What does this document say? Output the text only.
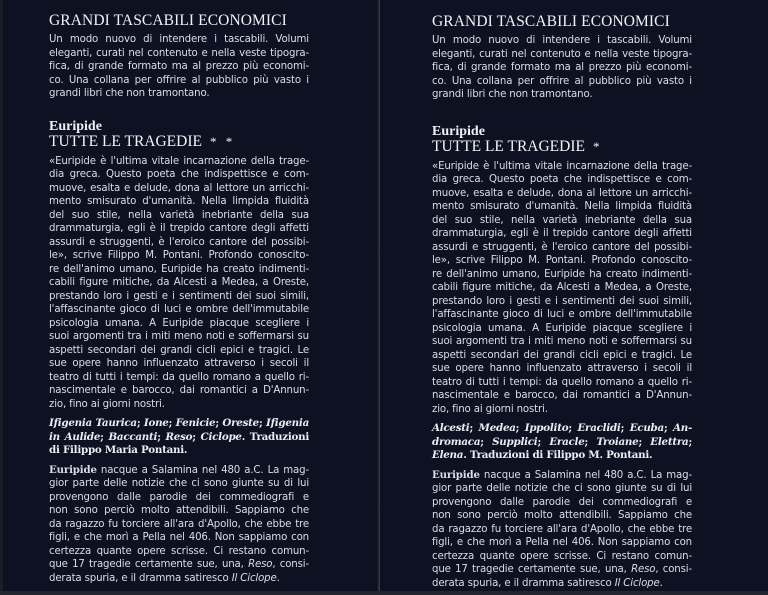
GRANDI TASCABILI ECONOMICI

Un modo nuovo di intendere i tascabili. Volumi
eleganti, curati nel contenuto e nella veste tipogra-
fica, di grande formato ma al prezzo più economi-
co. Una collana per offrire al pubblico più vasto i
grandi libri che non tramontano.

Euripide
TUTTE LE TRAGEDIE * *

«Euripide è l'ultima vitale incarnazione della trage-
dia greca. Questo poeta che indispettisce e com-
muove, esalta e delude, dona al lettore un arricchi-
mento smisurato d'umanità. Nella limpida fluidità
del suo stile, nella varietà inebriante della sua
drammaturgia, egli è il trepido cantore degli affetti
assurdi e struggenti, è l'eroico cantore del possibi-
le», scrive Filippo M. Pontani. Profondo conoscito-
re dell'animo umano, Euripide ha creato indimenti-
cabili figure mitiche, da Alcesti a Medea, a Oreste,
prestando loro i gesti e i sentimenti dei suoi simili,
l'affascinante gioco di luci e ombre dell'immutabile
psicologia umana. A Euripide piacque scegliere i
suoi argomenti tra i miti meno noti e soffermarsi su
aspetti secondari dei grandi cicli epici e tragici. Le
sue opere hanno influenzato attraverso i secoli il
teatro di tutti i tempi: da quello romano a quello ri-
nascimentale e barocco, dai romantici a D'Annun-
zio, fino ai giorni nostri.

Ifigenia Taurica; Ione; Fenicie; Oreste; Ifigenia
in Aulide; Baccanti; Reso; Ciclope. Traduzioni
di Filippo Maria Pontani.

Euripide nacque a Salamina nel 480 a.C. La mag-
gior parte delle notizie che ci sono giunte su di lui
provengono dalle parodie dei commediografi e
non sono perciò molto attendibili. Sappiamo che
da ragazzo fu torciere all'ara d'Apollo, che ebbe tre
figli, e che morì a Pella nel 406. Non sappiamo con
certezza quante opere scrisse. Ci restano comun-
que 17 tragedie certamente sue, una, Reso, consi-
derata spuria, e il dramma satiresco Il Ciclope.

GRANDI TASCABILI ECONOMICI

Un modo nuovo di intendere i tascabili. Volumi
eleganti, curati nel contenuto e nella veste tipogra-
fica, di grande formato ma al prezzo più economi-
co. Una collana per offrire al pubblico più vasto i
grandi libri che non tramontano.

Euripide
TUTTE LE TRAGEDIE *

«Euripide è l'ultima vitale incarnazione della trage-
dia greca. Questo poeta che indispettisce e com-
muove, esalta e delude, dona al lettore un arricchi-
mento smisurato d'umanità. Nella limpida fluidità
del suo stile, nella varietà inebriante della sua
drammaturgia, egli è il trepido cantore degli affetti
assurdi e struggenti, è l'eroico cantore del possibi-
le», scrive Filippo M. Pontani. Profondo conoscito-
re dell'animo umano, Euripide ha creato indimenti-
cabili figure mitiche, da Alcesti a Medea, a Oreste,
prestando loro i gesti e i sentimenti dei suoi simili,
l'affascinante gioco di luci e ombre dell'immutabile
psicologia umana. A Euripide piacque scegliere i
suoi argomenti tra i miti meno noti e soffermarsi su
aspetti secondari dei grandi cicli epici e tragici. Le
sue opere hanno influenzato attraverso i secoli il
teatro di tutti i tempi: da quello romano a quello ri-
nascimentale e barocco, dai romantici a D'Annun-
zio, fino ai giorni nostri.

Alcesti; Medea; Ippolito; Eraclidi; Ecuba; An-
dromaca; Supplici; Eracle; Troiane; Elettra;
Elena. Traduzioni di Filippo M. Pontani.

Euripide nacque a Salamina nel 480 a.C. La mag-
gior parte delle notizie che ci sono giunte su di lui
provengono dalle parodie dei commediografi e
non sono perciò molto attendibili. Sappiamo che
da ragazzo fu torciere all'ara d'Apollo, che ebbe tre
figli, e che morì a Pella nel 406. Non sappiamo con
certezza quante opere scrisse. Ci restano comun-
que 17 tragedie certamente sue, una, Reso, consi-
derata spuria, e il dramma satiresco Il Ciclope.
